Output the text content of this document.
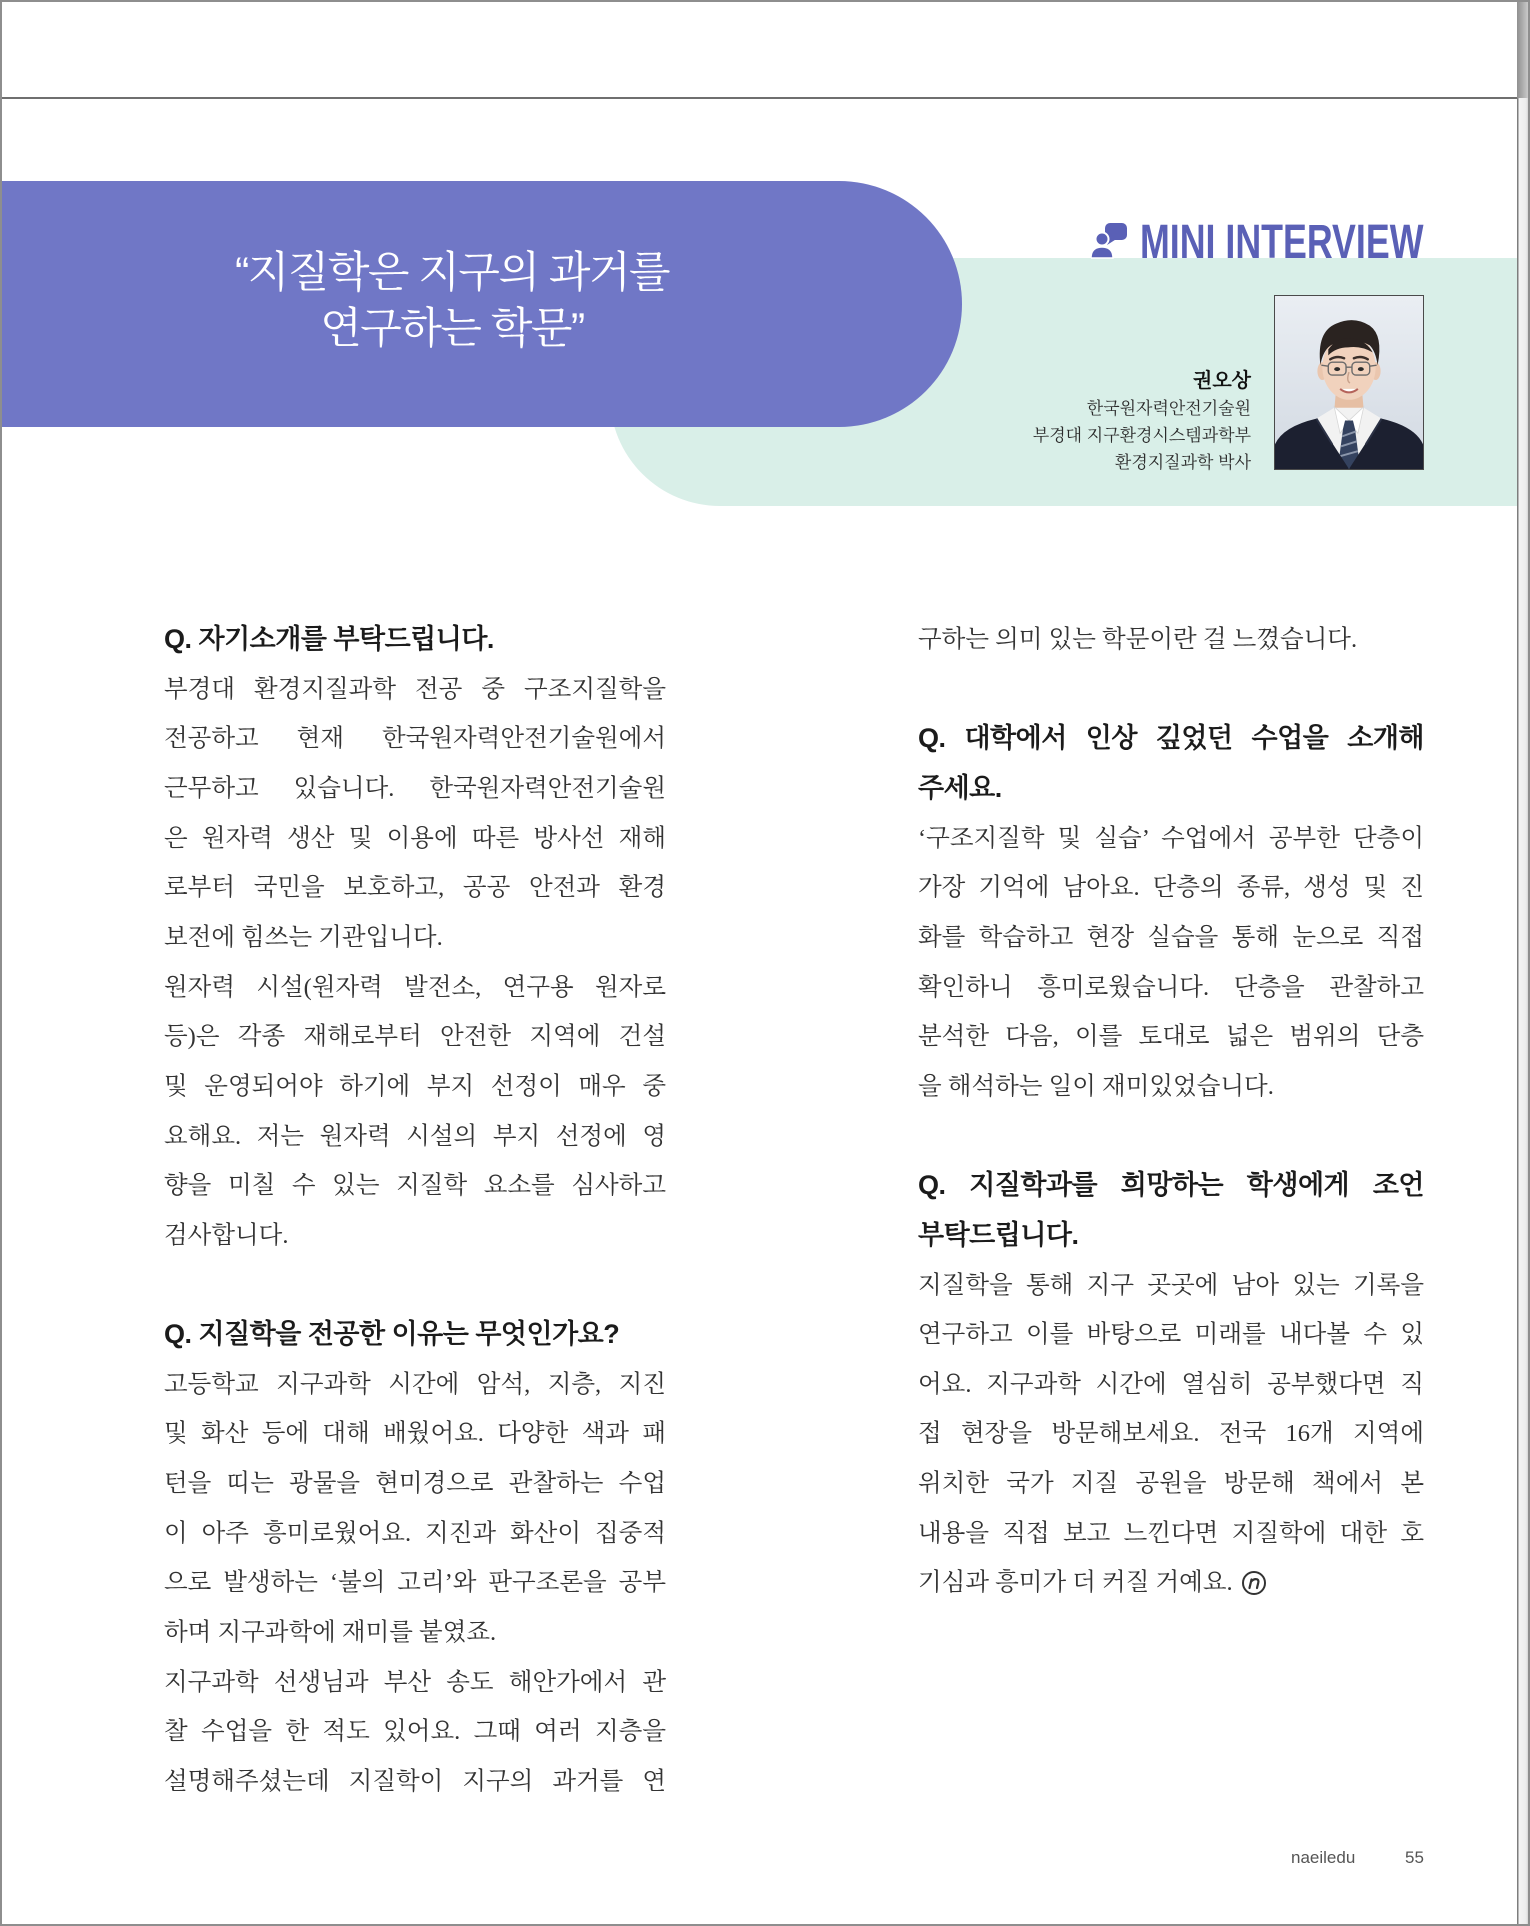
“지질학은 지구의 과거를
연구하는 학문”
MINI INTERVIEW
권오상
한국원자력안전기술원
부경대 지구환경시스템과학부
환경지질과학 박사
Q. 자기소개를 부탁드립니다.
부경대 환경지질과학 전공 중 구조지질학을
전공하고 현재 한국원자력안전기술원에서
근무하고 있습니다. 한국원자력안전기술원
은 원자력 생산 및 이용에 따른 방사선 재해
로부터 국민을 보호하고, 공공 안전과 환경
보전에 힘쓰는 기관입니다.
원자력 시설(원자력 발전소, 연구용 원자로
등)은 각종 재해로부터 안전한 지역에 건설
및 운영되어야 하기에 부지 선정이 매우 중
요해요. 저는 원자력 시설의 부지 선정에 영
향을 미칠 수 있는 지질학 요소를 심사하고
검사합니다.
Q. 지질학을 전공한 이유는 무엇인가요?
고등학교 지구과학 시간에 암석, 지층, 지진
및 화산 등에 대해 배웠어요. 다양한 색과 패
턴을 띠는 광물을 현미경으로 관찰하는 수업
이 아주 흥미로웠어요. 지진과 화산이 집중적
으로 발생하는 ‘불의 고리’와 판구조론을 공부
하며 지구과학에 재미를 붙였죠.
지구과학 선생님과 부산 송도 해안가에서 관
찰 수업을 한 적도 있어요. 그때 여러 지층을
설명해주셨는데 지질학이 지구의 과거를 연
구하는 의미 있는 학문이란 걸 느꼈습니다.
Q. 대학에서 인상 깊었던 수업을 소개해
주세요.
‘구조지질학 및 실습’ 수업에서 공부한 단층이
가장 기억에 남아요. 단층의 종류, 생성 및 진
화를 학습하고 현장 실습을 통해 눈으로 직접
확인하니 흥미로웠습니다. 단층을 관찰하고
분석한 다음, 이를 토대로 넓은 범위의 단층
을 해석하는 일이 재미있었습니다.
Q. 지질학과를 희망하는 학생에게 조언
부탁드립니다.
지질학을 통해 지구 곳곳에 남아 있는 기록을
연구하고 이를 바탕으로 미래를 내다볼 수 있
어요. 지구과학 시간에 열심히 공부했다면 직
접 현장을 방문해보세요. 전국 16개 지역에
위치한 국가 지질 공원을 방문해 책에서 본
내용을 직접 보고 느낀다면 지질학에 대한 호
기심과 흥미가 더 커질 거예요.
naeiledu	55
